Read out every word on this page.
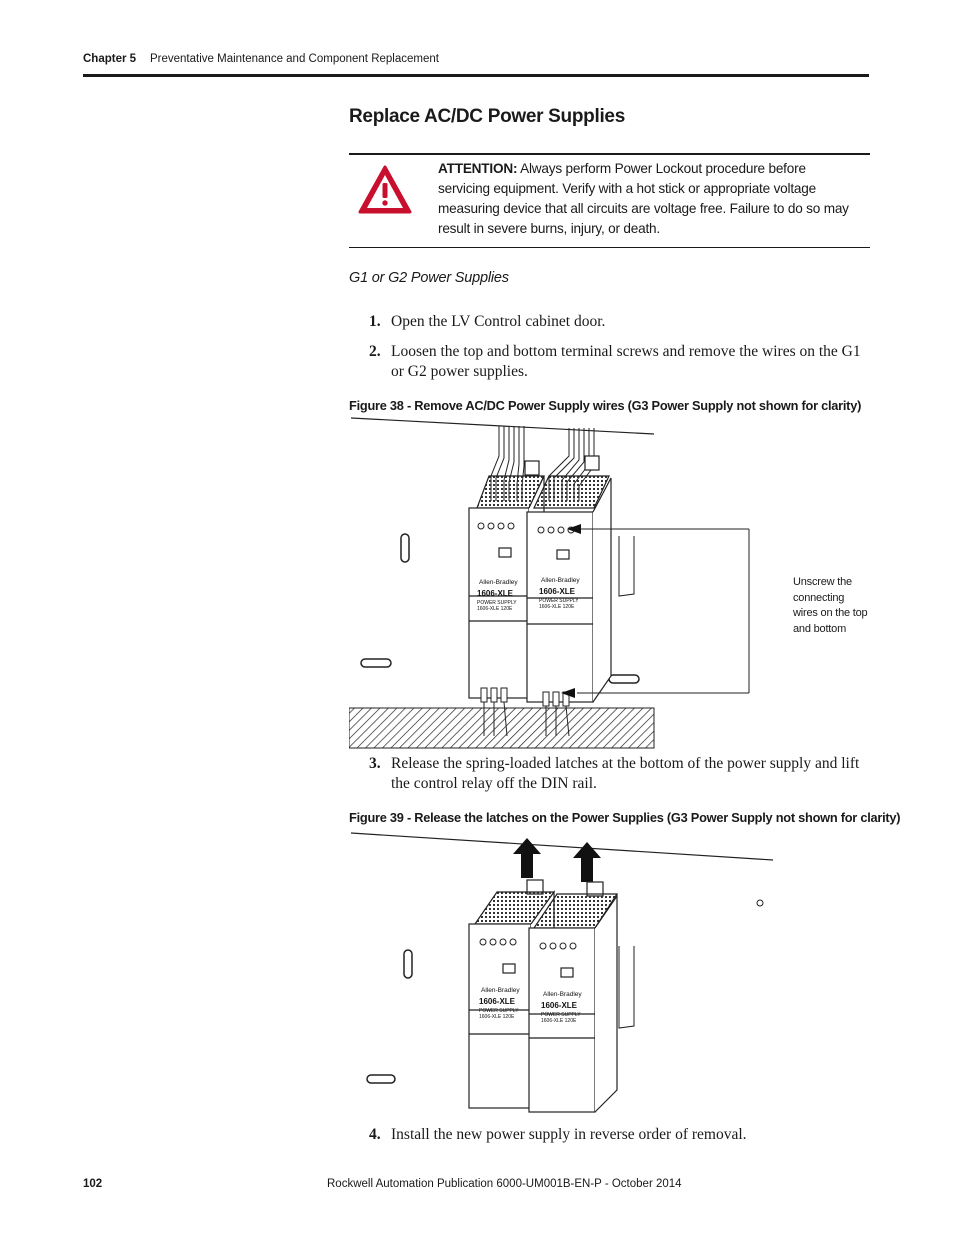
Chapter 5 Preventative Maintenance and Component Replacement
Replace AC/DC Power Supplies
ATTENTION: Always perform Power Lockout procedure before servicing equipment. Verify with a hot stick or appropriate voltage measuring device that all circuits are voltage free. Failure to do so may result in severe burns, injury, or death.
G1 or G2 Power Supplies
1. Open the LV Control cabinet door.
2. Loosen the top and bottom terminal screws and remove the wires on the G1 or G2 power supplies.
Figure 38 - Remove AC/DC Power Supply wires (G3 Power Supply not shown for clarity)
Allen-Bradley
1606-XLE
POWER SUPPLY
1606-XLE 120E
Allen-Bradley
1606-XLE
POWER SUPPLY
1606-XLE 120E
Unscrew the connecting wires on the top and bottom
3. Release the spring-loaded latches at the bottom of the power supply and lift the control relay off the DIN rail.
Figure 39 - Release the latches on the Power Supplies (G3 Power Supply not shown for clarity)
Allen-Bradley
1606-XLE
POWER SUPPLY
1606-XLE 120E
Allen-Bradley
1606-XLE
POWER SUPPLY
1606-XLE 120E
4. Install the new power supply in reverse order of removal.
102	Rockwell Automation Publication 6000-UM001B-EN-P - October 2014
